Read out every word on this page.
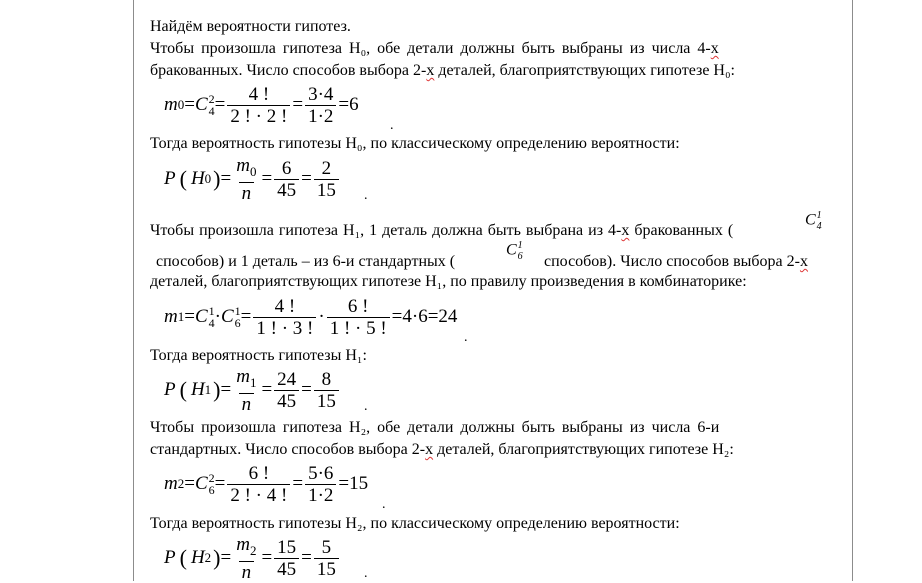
Найдём вероятности гипотез.
Чтобы произошла гипотеза H₀, обе детали должны быть выбраны из числа 4-х
бракованных. Число способов выбора 2-х деталей, благоприятствующих гипотезе H₀:
m 0 = C 2
$4 = \frac{4 !}{2 ! \cdot 2 !} = \frac{3\cdot 4}{1\cdot 2} = 6$
.
Тогда вероятность гипотезы H₀, по классическому определению вероятности:
P ( H 0 ) = $\frac{m_0}{n} = \frac{6}{45} = \frac{2}{15}$ .
Чтобы произошла гипотеза H₁, 1 деталь должна быть выбрана из 4-х бракованных (
C 1
4
способов) и 1 деталь – из 6-и стандартных (
C 1
6 способов). Число способов выбора 2-х
деталей, благоприятствующих гипотезе H₁, по правилу произведения в комбинаторике:
m 1 = C 1
4 · C 1
$6 = \frac{4 !}{1 ! \cdot 3 !} \cdot \frac{6 !}{1 ! \cdot 5 !} =4\cdot 6=24$
.
Тогда вероятность гипотезы H₁:
P ( H 1 ) = $\frac{m_1}{n} = \frac{24}{45} = \frac{8}{15}$ .
Чтобы произошла гипотеза H₂, обе детали должны быть выбраны из числа 6-и
стандартных. Число способов выбора 2-х деталей, благоприятствующих гипотезе H₂:
m 2 = C 2
$6 = \frac{6 !}{2 ! \cdot 4 !} = \frac{5\cdot 6}{1\cdot 2} = 15$
.
Тогда вероятность гипотезы H₂, по классическому определению вероятности:
P ( H 2 ) = $\frac{m_2}{n} = \frac{15}{45} = \frac{5}{15}$ .
